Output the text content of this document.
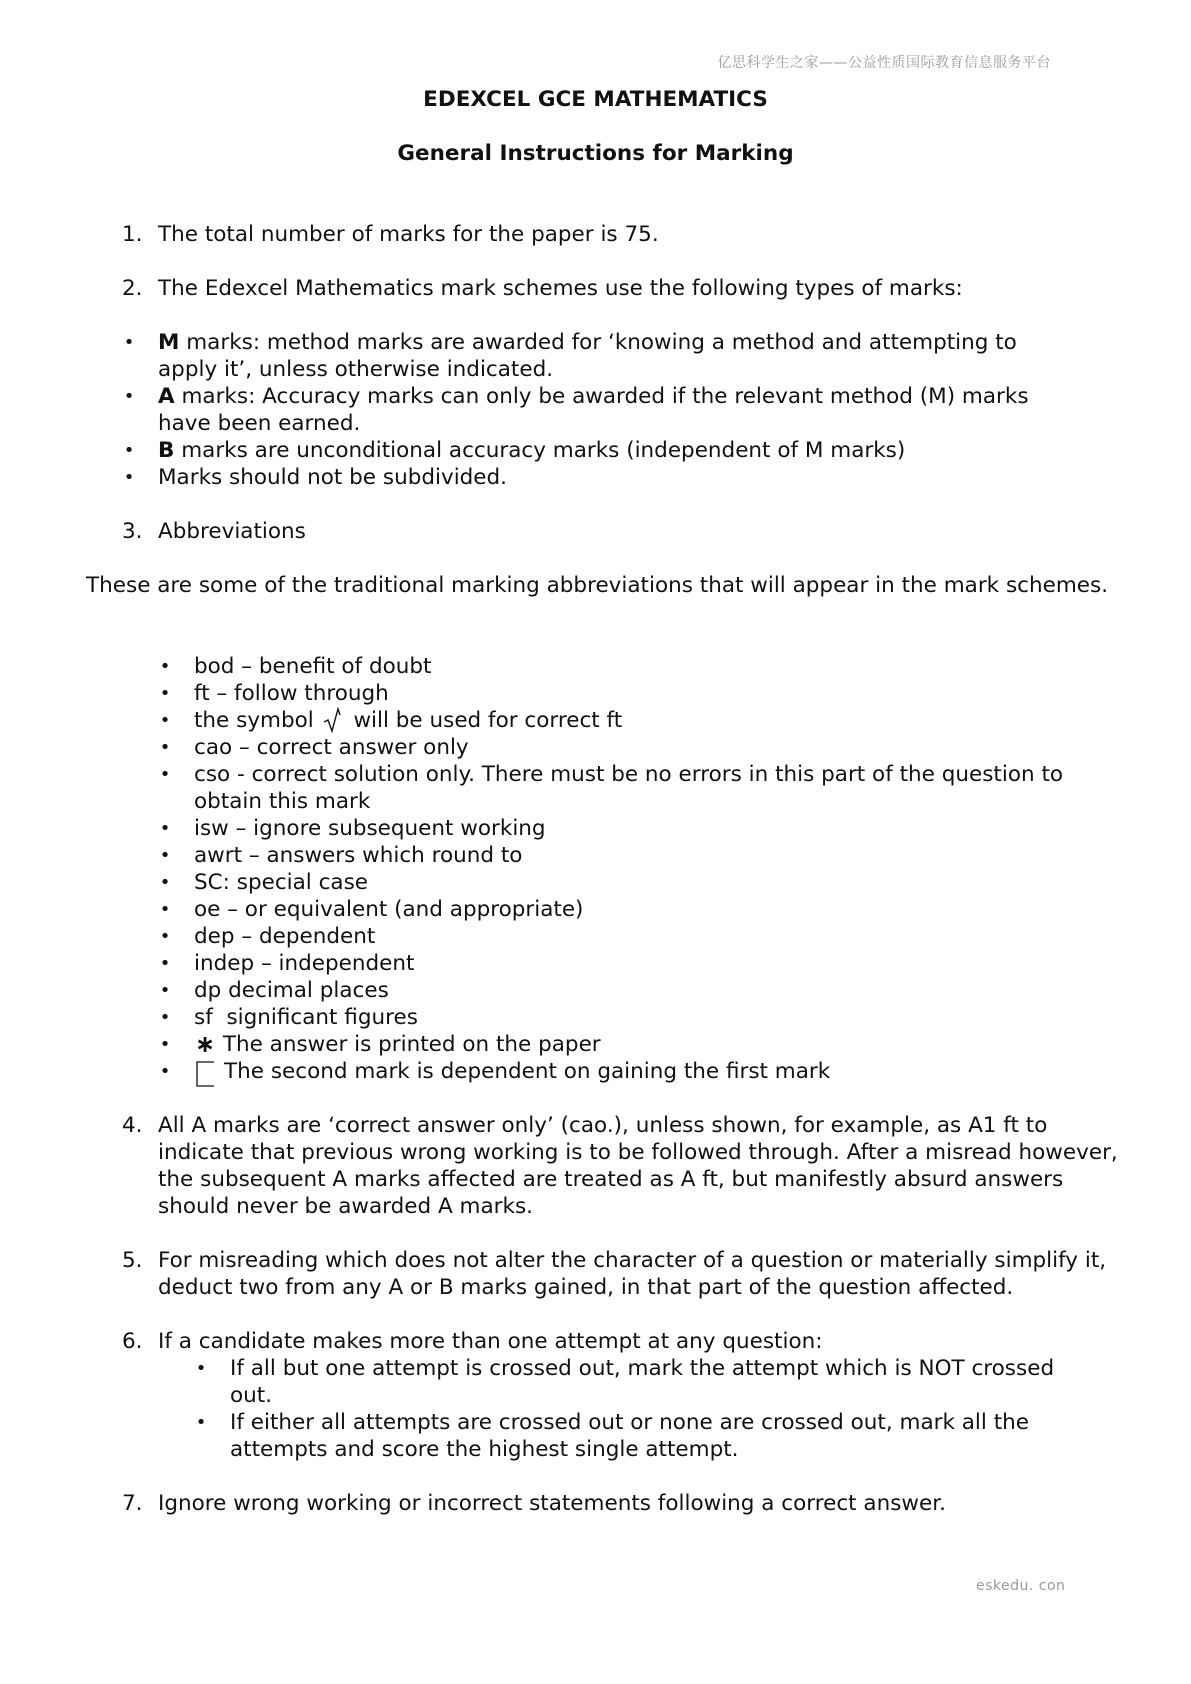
亿思科学生之家——公益性质国际教育信息服务平台
EDEXCEL GCE MATHEMATICS
General Instructions for Marking
1. The total number of marks for the paper is 75.
2. The Edexcel Mathematics mark schemes use the following types of marks:
• M marks: method marks are awarded for ‘knowing a method and attempting to apply it’, unless otherwise indicated.
• A marks: Accuracy marks can only be awarded if the relevant method (M) marks have been earned.
• B marks are unconditional accuracy marks (independent of M marks)
• Marks should not be subdivided.
3. Abbreviations
These are some of the traditional marking abbreviations that will appear in the mark schemes.
• bod – benefit of doubt
• ft – follow through
• the symbol  will be used for correct ft
• cao – correct answer only
• cso - correct solution only. There must be no errors in this part of the question to obtain this mark
• isw – ignore subsequent working
• awrt – answers which round to
• SC: special case
• oe – or equivalent (and appropriate)
• dep – dependent
• indep – independent
• dp decimal places
• sf  significant figures
• ∗ The answer is printed on the paper
• The second mark is dependent on gaining the first mark
4. All A marks are ‘correct answer only’ (cao.), unless shown, for example, as A1 ft to indicate that previous wrong working is to be followed through. After a misread however, the subsequent A marks affected are treated as A ft, but manifestly absurd answers should never be awarded A marks.
5. For misreading which does not alter the character of a question or materially simplify it, deduct two from any A or B marks gained, in that part of the question affected.
6. If a candidate makes more than one attempt at any question:
• If all but one attempt is crossed out, mark the attempt which is NOT crossed out.
• If either all attempts are crossed out or none are crossed out, mark all the attempts and score the highest single attempt.
7. Ignore wrong working or incorrect statements following a correct answer.
eskedu. con
